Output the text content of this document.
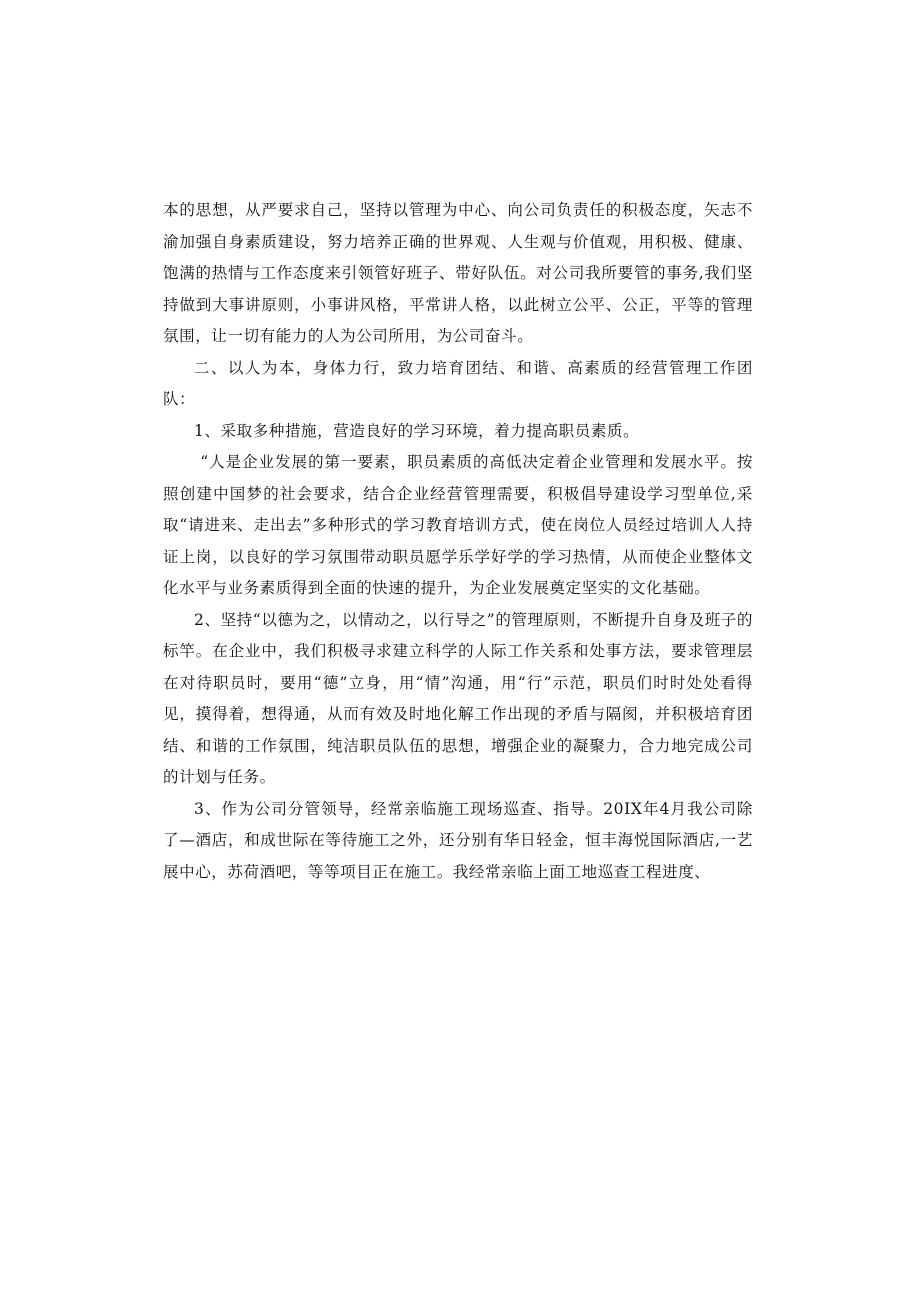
本的思想，从严要求自己，坚持以管理为中心、向公司负责任的积极态度，矢志不渝加强自身素质建设，努力培养正确的世界观、人生观与价值观，用积极、健康、饱满的热情与工作态度来引领管好班子、带好队伍。对公司我所要管的事务,我们坚持做到大事讲原则，小事讲风格，平常讲人格，以此树立公平、公正，平等的管理氛围，让一切有能力的人为公司所用，为公司奋斗。

二、以人为本，身体力行，致力培育团结、和谐、高素质的经营管理工作团队：

1、采取多种措施，营造良好的学习环境，着力提高职员素质。

“人是企业发展的第一要素，职员素质的高低决定着企业管理和发展水平。按照创建中国梦的社会要求，结合企业经营管理需要，积极倡导建设学习型单位,采取“请进来、走出去”多种形式的学习教育培训方式，使在岗位人员经过培训人人持证上岗，以良好的学习氛围带动职员愿学乐学好学的学习热情，从而使企业整体文化水平与业务素质得到全面的快速的提升，为企业发展奠定坚实的文化基础。

2、坚持“以德为之，以情动之，以行导之”的管理原则，不断提升自身及班子的标竿。在企业中，我们积极寻求建立科学的人际工作关系和处事方法，要求管理层在对待职员时，要用“德”立身，用“情”沟通，用“行”示范，职员们时时处处看得见，摸得着，想得通，从而有效及时地化解工作出现的矛盾与隔阂，并积极培育团结、和谐的工作氛围，纯洁职员队伍的思想，增强企业的凝聚力，合力地完成公司的计划与任务。

3、作为公司分管领导，经常亲临施工现场巡查、指导。20IX年4月我公司除了—酒店，和成世际在等待施工之外，还分别有华日轻金，恒丰海悦国际酒店,一艺展中心，苏荷酒吧，等等项目正在施工。我经常亲临上面工地巡查工程进度、
